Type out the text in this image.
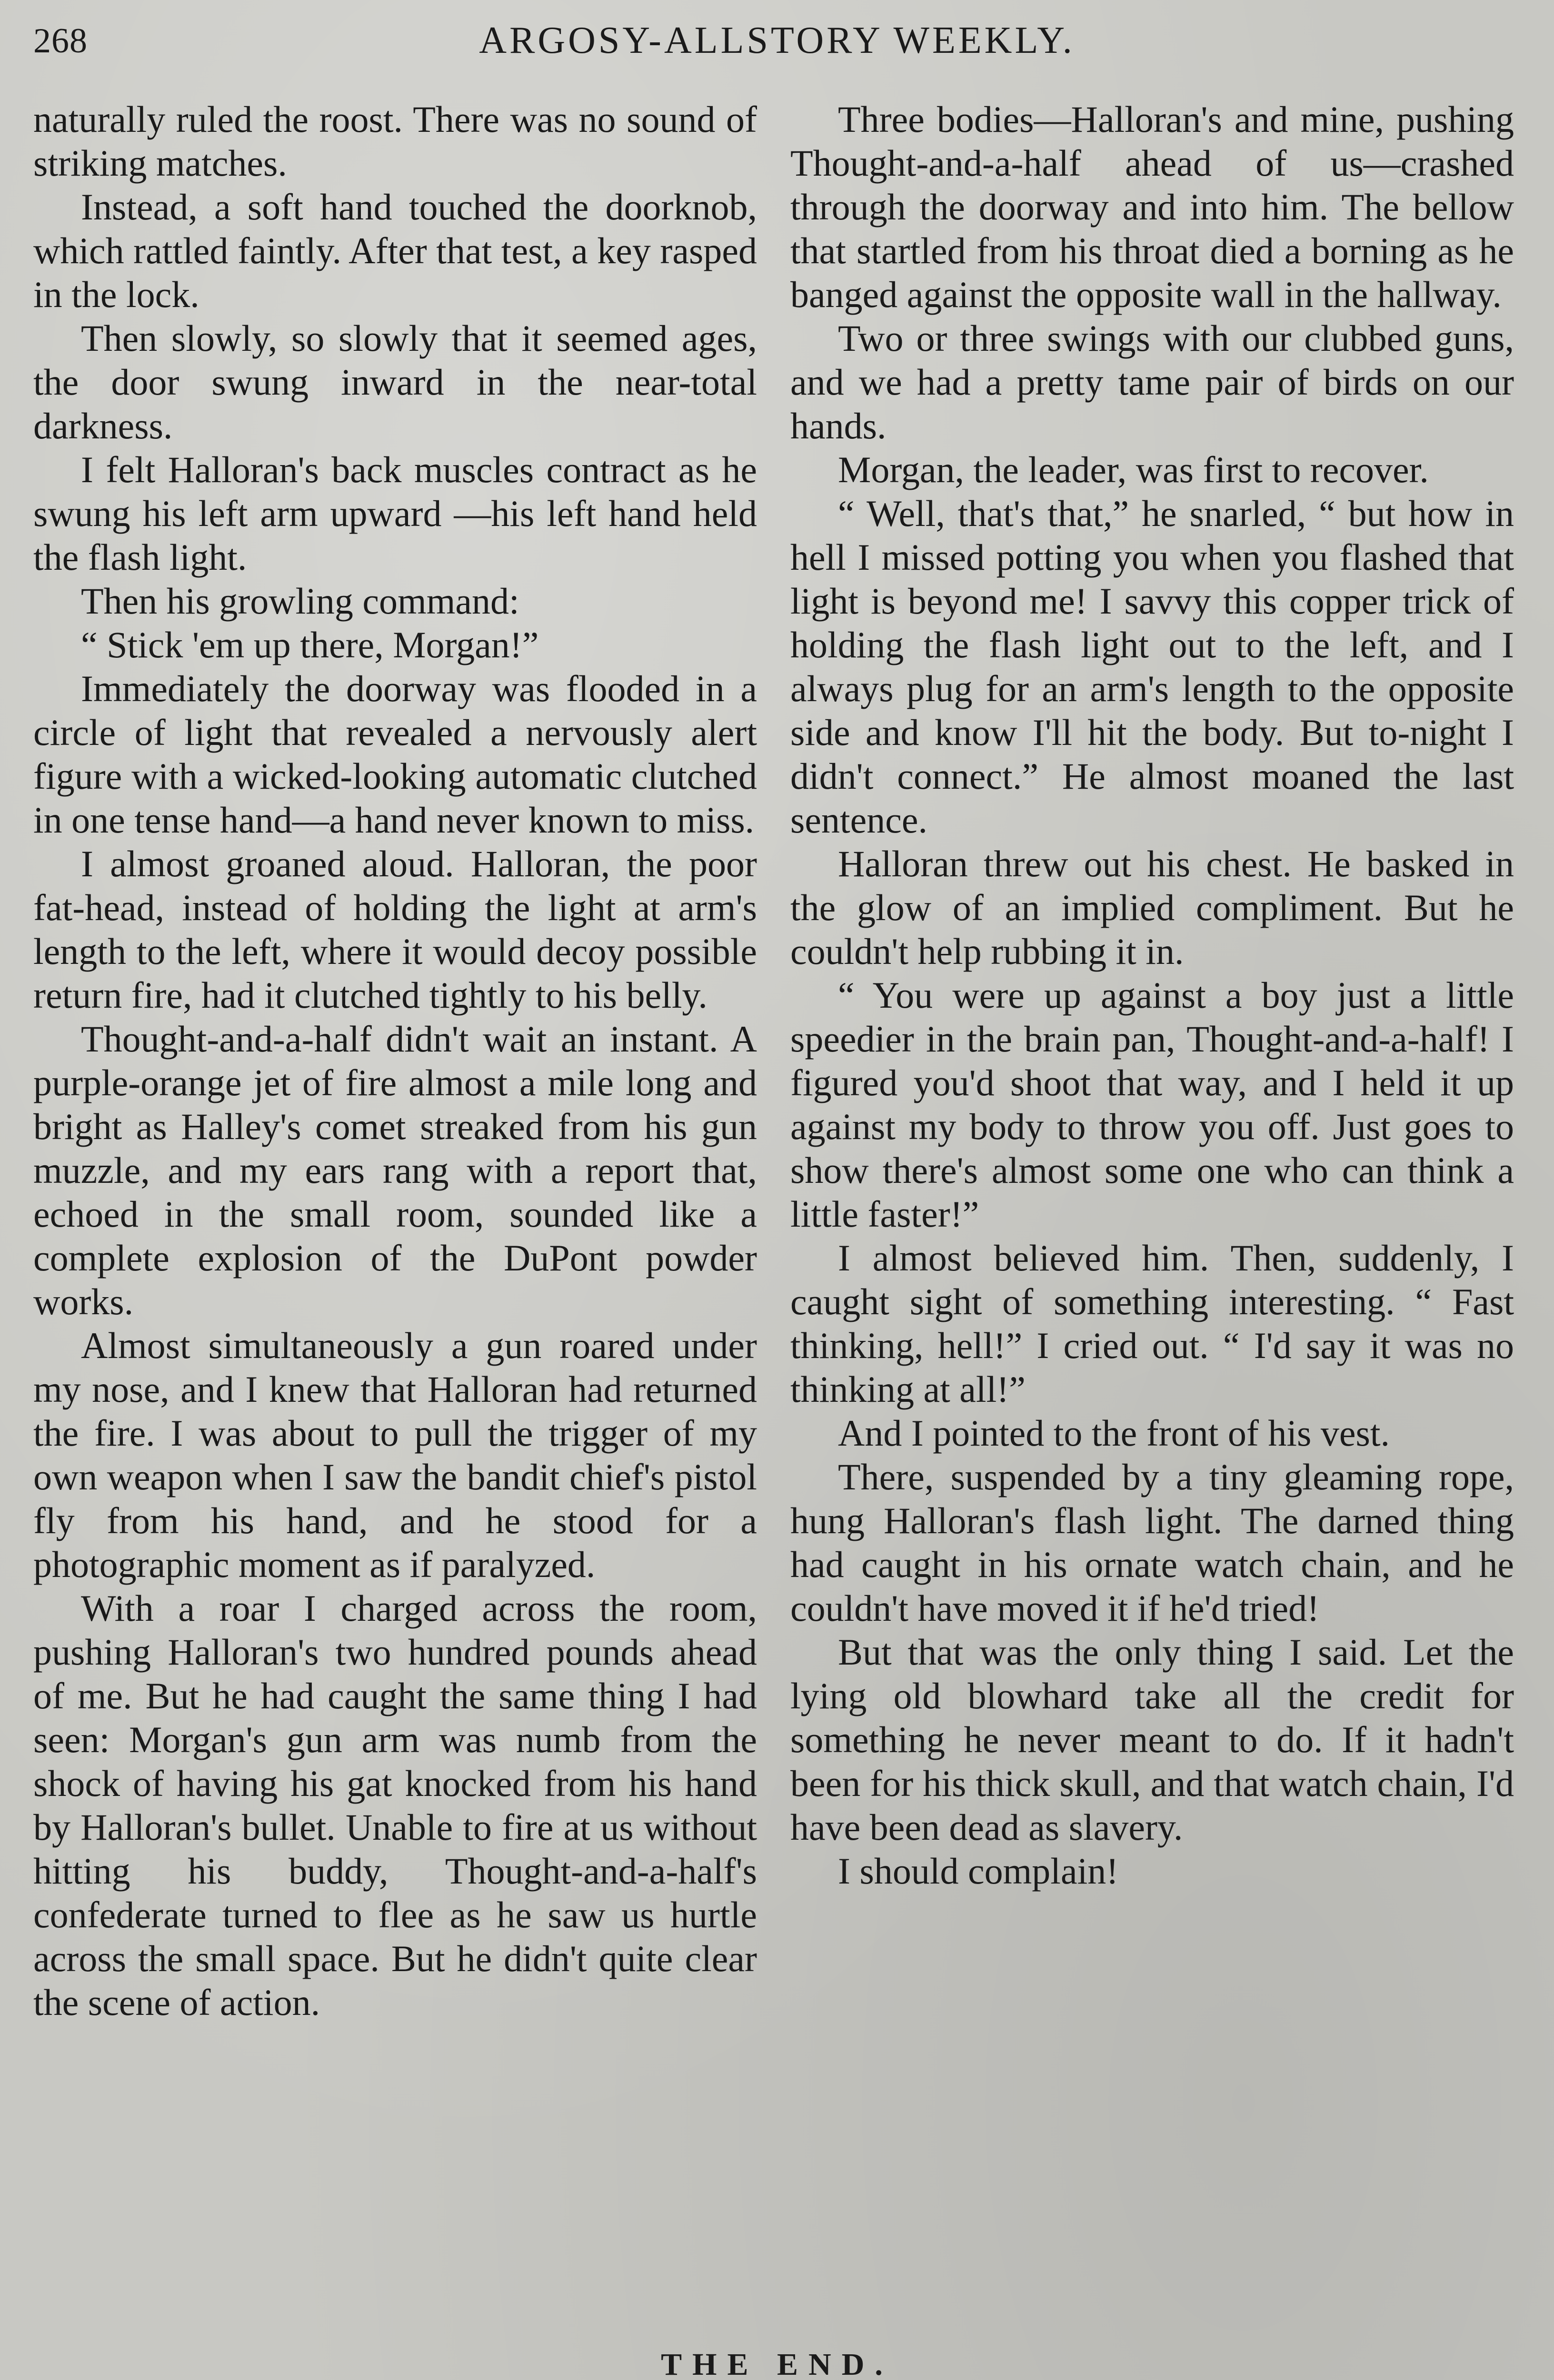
268	ARGOSY-ALLSTORY WEEKLY.

naturally ruled the roost. There was no sound of striking matches.

Instead, a soft hand touched the doorknob, which rattled faintly. After that test, a key rasped in the lock.

Then slowly, so slowly that it seemed ages, the door swung inward in the near-total darkness.

I felt Halloran's back muscles contract as he swung his left arm upward —his left hand held the flash light.

Then his growling command:

“ Stick 'em up there, Morgan!”

Immediately the doorway was flooded in a circle of light that revealed a nervously alert figure with a wicked-looking automatic clutched in one tense hand—a hand never known to miss.

I almost groaned aloud. Halloran, the poor fat-head, instead of holding the light at arm's length to the left, where it would decoy possible return fire, had it clutched tightly to his belly.

Thought-and-a-half didn't wait an instant. A purple-orange jet of fire almost a mile long and bright as Halley's comet streaked from his gun muzzle, and my ears rang with a report that, echoed in the small room, sounded like a complete explosion of the DuPont powder works.

Almost simultaneously a gun roared under my nose, and I knew that Halloran had returned the fire. I was about to pull the trigger of my own weapon when I saw the bandit chief's pistol fly from his hand, and he stood for a photographic moment as if paralyzed.

With a roar I charged across the room, pushing Halloran's two hundred pounds ahead of me. But he had caught the same thing I had seen: Morgan's gun arm was numb from the shock of having his gat knocked from his hand by Halloran's bullet. Unable to fire at us without hitting his buddy, Thought-and-a-half's confederate turned to flee as he saw us hurtle across the small space. But he didn't quite clear the scene of action.

Three bodies—Halloran's and mine, pushing Thought-and-a-half ahead of us—crashed through the doorway and into him. The bellow that startled from his throat died a borning as he banged against the opposite wall in the hallway.

Two or three swings with our clubbed guns, and we had a pretty tame pair of birds on our hands.

Morgan, the leader, was first to recover.

“ Well, that's that,” he snarled, “ but how in hell I missed potting you when you flashed that light is beyond me! I savvy this copper trick of holding the flash light out to the left, and I always plug for an arm's length to the opposite side and know I'll hit the body. But to-night I didn't connect.” He almost moaned the last sentence.

Halloran threw out his chest. He basked in the glow of an implied compliment. But he couldn't help rubbing it in.

“ You were up against a boy just a little speedier in the brain pan, Thought-and-a-half! I figured you'd shoot that way, and I held it up against my body to throw you off. Just goes to show there's almost some one who can think a little faster!”

I almost believed him. Then, suddenly, I caught sight of something interesting. “ Fast thinking, hell!” I cried out. “ I'd say it was no thinking at all!”

And I pointed to the front of his vest.

There, suspended by a tiny gleaming rope, hung Halloran's flash light. The darned thing had caught in his ornate watch chain, and he couldn't have moved it if he'd tried!

But that was the only thing I said. Let the lying old blowhard take all the credit for something he never meant to do. If it hadn't been for his thick skull, and that watch chain, I'd have been dead as slavery.

I should complain!

THE END.
